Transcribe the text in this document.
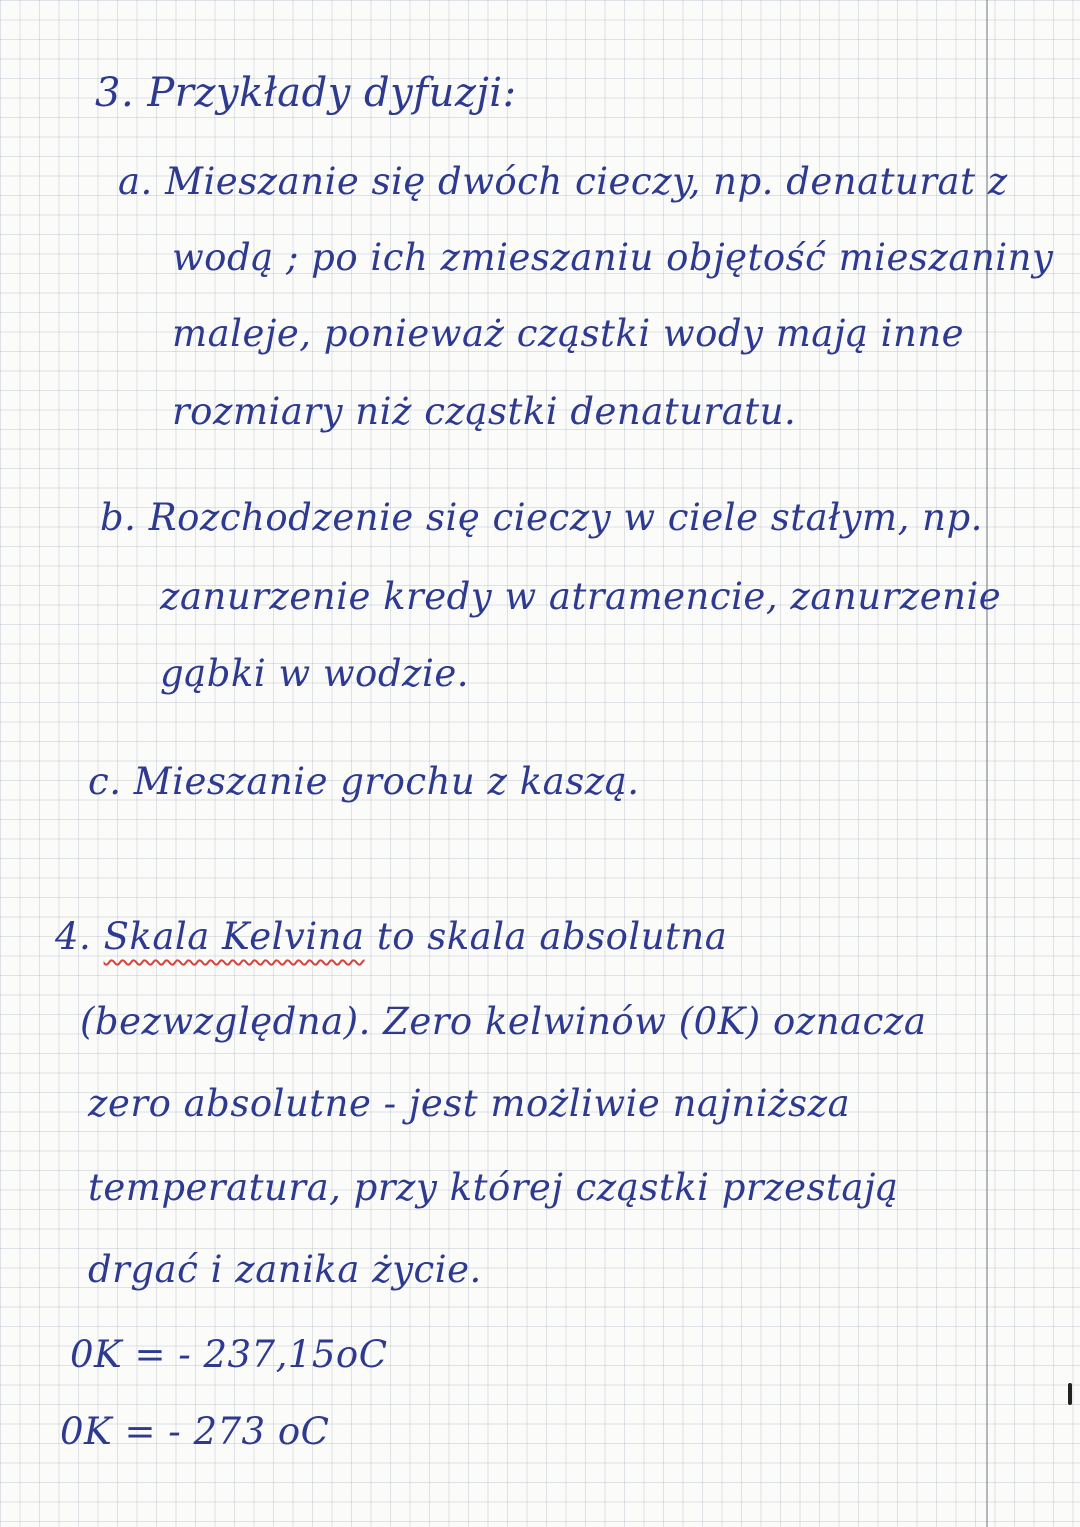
3. Przykłady dyfuzji:
a. Mieszanie się dwóch cieczy, np. denaturat z
wodą ; po ich zmieszaniu objętość mieszaniny
maleje, ponieważ cząstki wody mają inne
rozmiary niż cząstki denaturatu.
b. Rozchodzenie się cieczy w ciele stałym, np.
zanurzenie kredy w atramencie, zanurzenie
gąbki w wodzie.
c. Mieszanie grochu z kaszą.
4. Skala Kelvina to skala absolutna
(bezwzględna). Zero kelwinów (0K) oznacza
zero absolutne - jest możliwie najniższa
temperatura, przy której cząstki przestają
drgać i zanika życie.
0K = - 237,15oC
0K = - 273 oC
